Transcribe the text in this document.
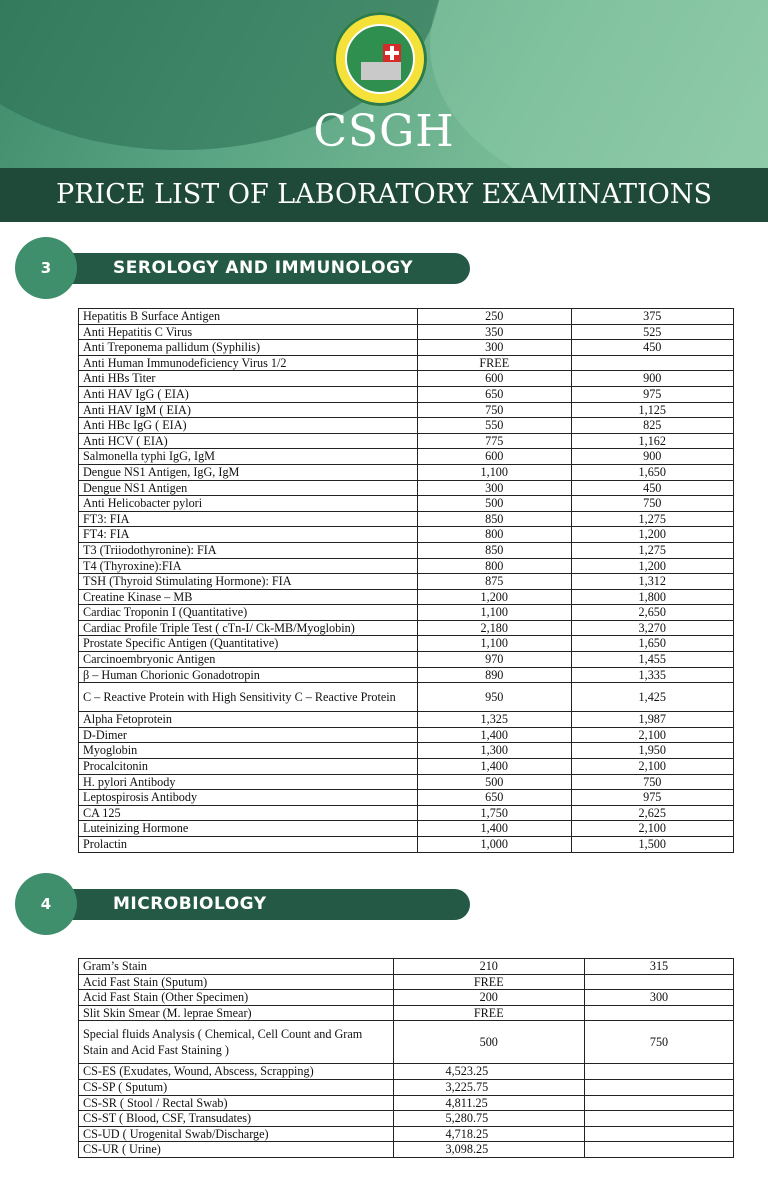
CSGH
PRICE LIST OF LABORATORY EXAMINATIONS
SEROLOGY AND IMMUNOLOGY
3
Hepatitis B Surface Antigen	250	375
Anti Hepatitis C Virus	350	525
Anti Treponema pallidum (Syphilis)	300	450
Anti Human Immunodeficiency Virus 1/2	FREE	
Anti HBs Titer	600	900
Anti HAV IgG ( EIA)	650	975
Anti HAV IgM ( EIA)	750	1,125
Anti HBc IgG ( EIA)	550	825
Anti HCV ( EIA)	775	1,162
Salmonella typhi IgG, IgM	600	900
Dengue NS1 Antigen, IgG, IgM	1,100	1,650
Dengue NS1 Antigen	300	450
Anti Helicobacter pylori	500	750
FT3: FIA	850	1,275
FT4: FIA	800	1,200
T3 (Triiodothyronine): FIA	850	1,275
T4 (Thyroxine):FIA	800	1,200
TSH (Thyroid Stimulating Hormone): FIA	875	1,312
Creatine Kinase – MB	1,200	1,800
Cardiac Troponin I (Quantitative)	1,100	2,650
Cardiac Profile Triple Test ( cTn-I/ Ck-MB/Myoglobin)	2,180	3,270
Prostate Specific Antigen (Quantitative)	1,100	1,650
Carcinoembryonic Antigen	970	1,455
β – Human Chorionic Gonadotropin	890	1,335
C – Reactive Protein with High Sensitivity C – Reactive Protein	950	1,425
Alpha Fetoprotein	1,325	1,987
D-Dimer	1,400	2,100
Myoglobin	1,300	1,950
Procalcitonin	1,400	2,100
H. pylori Antibody	500	750
Leptospirosis Antibody	650	975
CA 125	1,750	2,625
Luteinizing Hormone	1,400	2,100
Prolactin	1,000	1,500
MICROBIOLOGY
4
Gram’s Stain	210	315
Acid Fast Stain (Sputum)	FREE	
Acid Fast Stain (Other Specimen)	200	300
Slit Skin Smear (M. leprae Smear)	FREE	
Special fluids Analysis ( Chemical, Cell Count and Gram Stain and Acid Fast Staining )	500	750
CS-ES (Exudates, Wound, Abscess, Scrapping)	4,523.25	
CS-SP ( Sputum)	3,225.75	
CS-SR ( Stool / Rectal Swab)	4,811.25	
CS-ST ( Blood, CSF, Transudates)	5,280.75	
CS-UD ( Urogenital Swab/Discharge)	4,718.25	
CS-UR ( Urine)	3,098.25	
